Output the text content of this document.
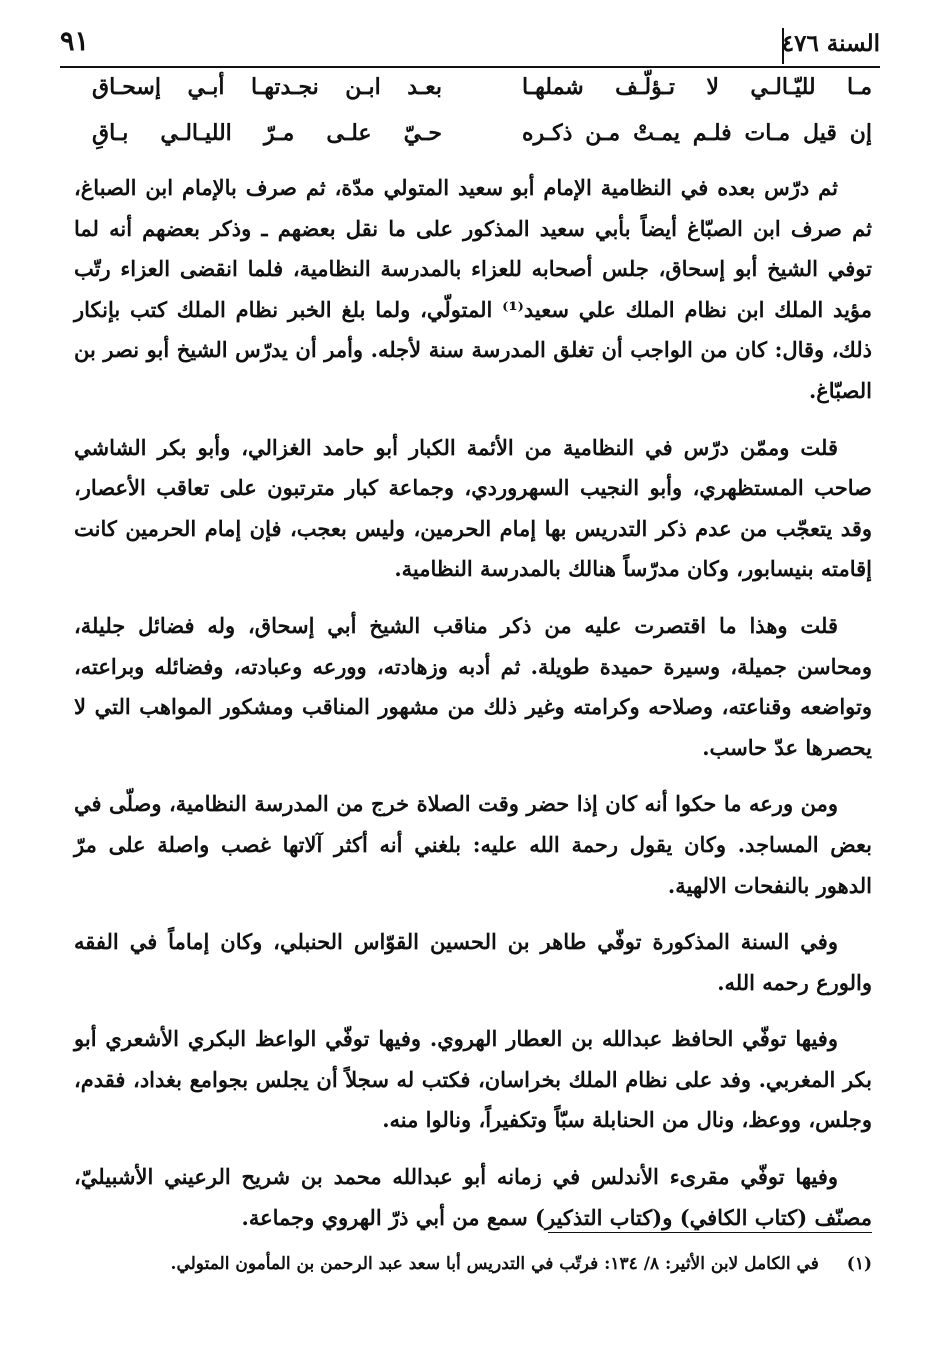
السنة ٤٧٦
٩١
مـا لليّـالـي لا تـؤلّـف شملهـا
بعـد ابـن نجـدتهـا أبـي إسحـاق
إن قيل مـات فلـم يمـتْ مـن ذكـره
حـيّ علـى مـرّ الليـالـي بـاقِ

ثم درّس بعده في النظامية الإمام أبو سعيد المتولي مدّة، ثم صرف بالإمام ابن الصباغ، ثم صرف ابن الصبّاغ أيضاً بأبي سعيد المذكور على ما نقل بعضهم ـ وذكر بعضهم أنه لما توفي الشيخ أبو إسحاق، جلس أصحابه للعزاء بالمدرسة النظامية، فلما انقضى العزاء رتّب مؤيد الملك ابن نظام الملك علي سعيد⁽¹⁾ المتولّي، ولما بلغ الخبر نظام الملك كتب بإنكار ذلك، وقال: كان من الواجب أن تغلق المدرسة سنة لأجله. وأمر أن يدرّس الشيخ أبو نصر بن الصبّاغ.

قلت وممّن درّس في النظامية من الأئمة الكبار أبو حامد الغزالي، وأبو بكر الشاشي صاحب المستظهري، وأبو النجيب السهروردي، وجماعة كبار مترتبون على تعاقب الأعصار، وقد يتعجّب من عدم ذكر التدريس بها إمام الحرمين، وليس بعجب، فإن إمام الحرمين كانت إقامته بنيسابور، وكان مدرّساً هنالك بالمدرسة النظامية.

قلت وهذا ما اقتصرت عليه من ذكر مناقب الشيخ أبي إسحاق، وله فضائل جليلة، ومحاسن جميلة، وسيرة حميدة طويلة. ثم أدبه وزهادته، وورعه وعبادته، وفضائله وبراعته، وتواضعه وقناعته، وصلاحه وكرامته وغير ذلك من مشهور المناقب ومشكور المواهب التي لا يحصرها عدّ حاسب.

ومن ورعه ما حكوا أنه كان إذا حضر وقت الصلاة خرج من المدرسة النظامية، وصلّى في بعض المساجد. وكان يقول رحمة الله عليه: بلغني أنه أكثر آلاتها غصب واصلة على مرّ الدهور بالنفحات الالهية.

وفي السنة المذكورة توفّي طاهر بن الحسين القوّاس الحنبلي، وكان إماماً في الفقه والورع رحمه الله.

وفيها توفّي الحافظ عبدالله بن العطار الهروي. وفيها توفّي الواعظ البكري الأشعري أبو بكر المغربي. وفد على نظام الملك بخراسان، فكتب له سجلاً أن يجلس بجوامع بغداد، فقدم، وجلس، ووعظ، ونال من الحنابلة سبّاً وتكفيراً، ونالوا منه.

وفيها توفّي مقرىء الأندلس في زمانه أبو عبدالله محمد بن شريح الرعيني الأشبيليّ، مصنّف (كتاب الكافي) و(كتاب التذكير) سمع من أبي ذرّ الهروي وجماعة.

(١) في الكامل لابن الأثير: ٨/ ١٣٤: فرتّب في التدريس أبا سعد عبد الرحمن بن المأمون المتولي.
